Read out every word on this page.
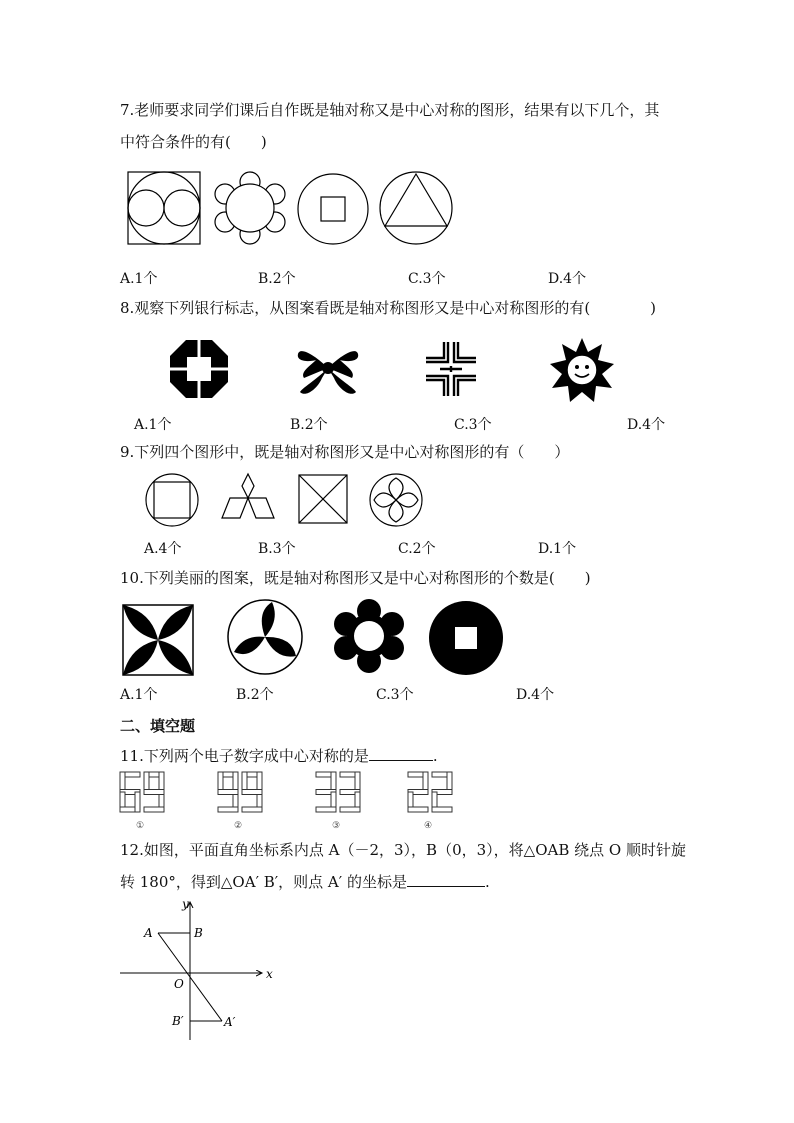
7.老师要求同学们课后自作既是轴对称又是中心对称的图形，结果有以下几个，其
中符合条件的有(　　)
A.1个	B.2个	C.3个	D.4个
8.观察下列银行标志，从图案看既是轴对称图形又是中心对称图形的有(　　　　)
A.1个	B.2个	C.3个	D.4个
9.下列四个图形中，既是轴对称图形又是中心对称图形的有（　　）
A.4个	B.3个	C.2个	D.1个
10.下列美丽的图案，既是轴对称图形又是中心对称图形的个数是(　　)
A.1个	B.2个	C.3个	D.4个
二、填空题
11.下列两个电子数字成中心对称的是	.
①	②	③	④
12.如图，平面直角坐标系内点 A（－2，3），B（0，3），将△OAB 绕点 O 顺时针旋
转 180°，得到△OA′ B′，则点 A′ 的坐标是	.
y
x
O
A	B
A′
B′
